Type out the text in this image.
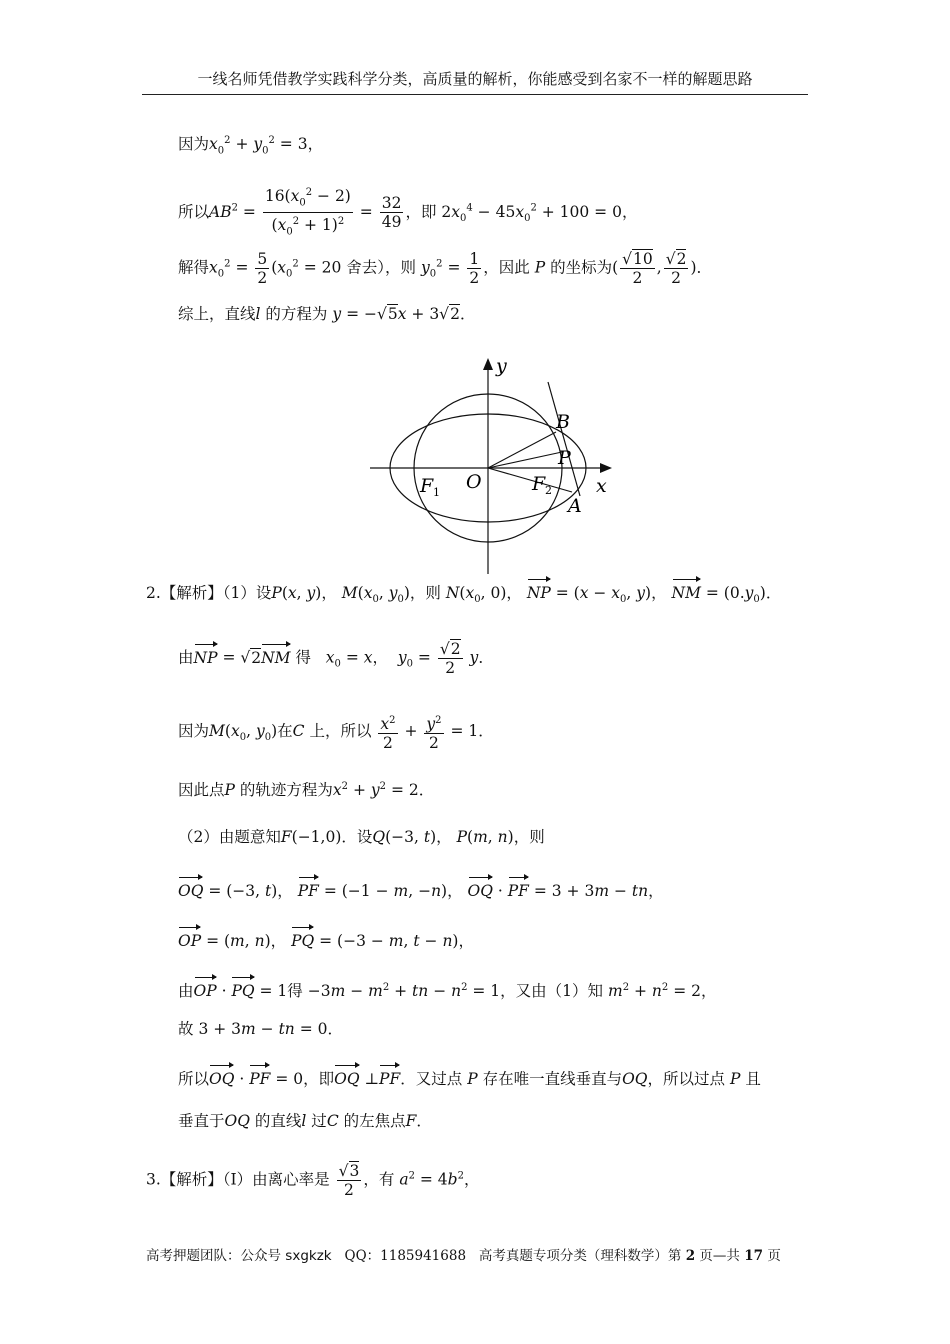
一线名师凭借教学实践科学分类，高质量的解析，你能感受到名家不一样的解题思路
因为$x_0^2 + y_0^2 = 3$，
所以$AB^2 = \frac{16(x_0^2 - 2)}{(x_0^2 + 1)^2} = \frac{32}{49}$ ，即 $2x_0^4 - 45x_0^2 + 100 = 0$，
解得$x_0^2 = \frac{5}{2} (x_0^2 = 20$ 舍去），则 $y_0^2 = \frac{1}{2}$ ，因此 P 的坐标为( $\frac{√10}{2}$ , $\frac{√2}{2}$ )．
综上，直线l 的方程为 y = −√5x + 3√2．
y
x
O
F 1	F 2
B
P
A
2.【解析】（1）设P(x, y)， $M(x_0$, $y_0$)，则 $N(x_0$, 0)， NP = ($x - x_0$, y)， NM = $(0.y_0)$．
由NP = √2NM 得 $x_0 = x$，  $y_0 = \frac{√2}{2}$ y．
因为$M(x_0$, $y_0$)在C 上，所以 $\frac{x^2}{2} + \frac{y^2}{2} = 1$．
因此点P 的轨迹方程为$x^2 + y^2 = 2$．
（2）由题意知F(−1,0)．设Q(−3, t)， P(m, n)，则
OQ = (−3, t)， PF = (−1 − m, −n)， OQ · PF = 3 + 3m − tn，
OP = (m, n)， PQ = (−3 − m, t − n)，
由OP · PQ = 1得 $-3m - m^2$ + tn − $n^2 = 1$，又由（1）知 $m^2 + n^2 = 2$，
故 3 + 3m − tn = 0．
所以OQ · PF = 0，即OQ ⊥PF．又过点 P 存在唯一直线垂直与OQ，所以过点 P 且
垂直于OQ 的直线l 过C 的左焦点F．
3.【解析】（Ⅰ）由离心率是 $\frac{√3}{2}$ ，有 $a^2 = 4b^2$，
高考押题团队：公众号 sxgkzk QQ：1185941688 高考真题专项分类（理科数学）第 2 页—共 17 页
